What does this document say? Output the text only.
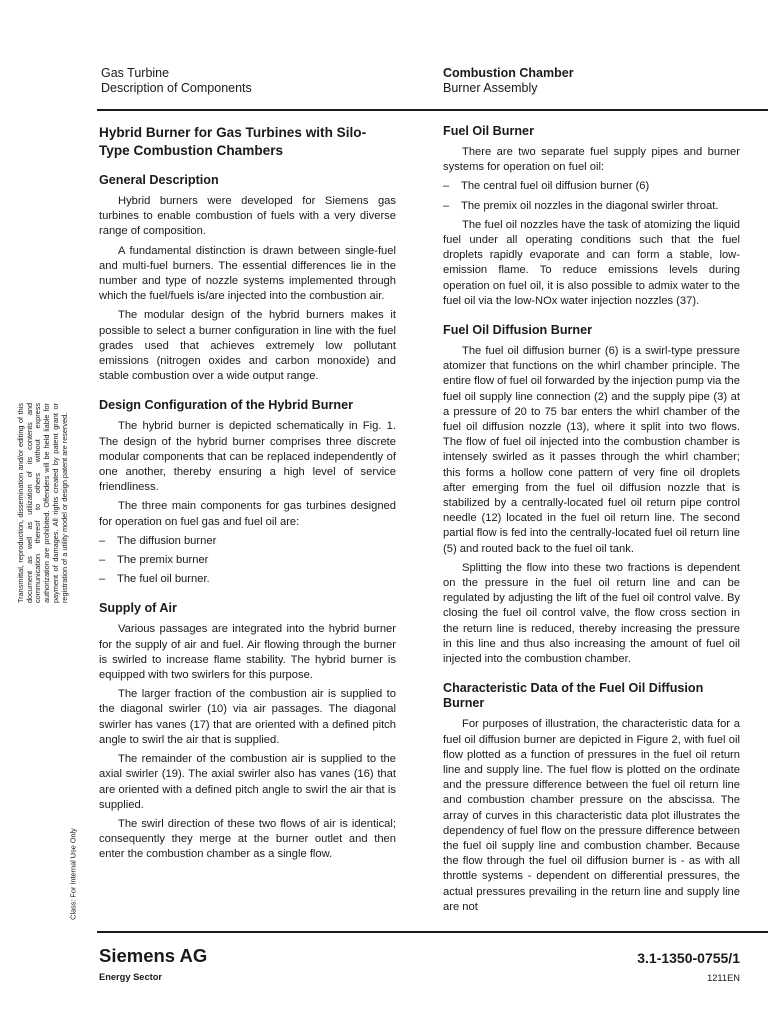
Gas Turbine
Description of Components
Combustion Chamber
Burner Assembly
Transmittal, reproduction, dissemination and/or editing of this document as well as utilization of its contents and communication thereof to others without express authorization are prohibited. Offenders will be held liable for payment of damages. All rights created by patent grant or registration of a utility model or design patent are reserved.
Class: For Internal Use Only
Hybrid Burner for Gas Turbines with Silo-Type Combustion Chambers
General Description

Hybrid burners were developed for Siemens gas turbines to enable combustion of fuels with a very diverse range of composition.

A fundamental distinction is drawn between single-fuel and multi-fuel burners. The essential differences lie in the number and type of nozzle systems implemented through which the fuel/fuels is/are injected into the combustion air.

The modular design of the hybrid burners makes it possible to select a burner configuration in line with the fuel grades used that achieves extremely low pollutant emissions (nitrogen oxides and carbon monoxide) and stable combustion over a wide output range.

Design Configuration of the Hybrid Burner

The hybrid burner is depicted schematically in Fig. 1. The design of the hybrid burner comprises three discrete modular components that can be replaced independently of one another, thereby ensuring a high level of service friendliness.

The three main components for gas turbines designed for operation on fuel gas and fuel oil are:

– The diffusion burner
– The premix burner
– The fuel oil burner.
Supply of Air

Various passages are integrated into the hybrid burner for the supply of air and fuel. Air flowing through the burner is swirled to increase flame stability. The hybrid burner is equipped with two swirlers for this purpose.

The larger fraction of the combustion air is supplied to the diagonal swirler (10) via air passages. The diagonal swirler has vanes (17) that are oriented with a defined pitch angle to swirl the air that is supplied.

The remainder of the combustion air is supplied to the axial swirler (19). The axial swirler also has vanes (16) that are oriented with a defined pitch angle to swirl the air that is supplied.

The swirl direction of these two flows of air is identical; consequently they merge at the burner outlet and then enter the combustion chamber as a single flow.

Fuel Oil Burner

There are two separate fuel supply pipes and burner systems for operation on fuel oil:

– The central fuel oil diffusion burner (6)
– The premix oil nozzles in the diagonal swirler throat.

The fuel oil nozzles have the task of atomizing the liquid fuel under all operating conditions such that the fuel droplets rapidly evaporate and can form a stable, low-emission flame. To reduce emissions levels during operation on fuel oil, it is also possible to admix water to the fuel oil via the low-NOx water injection nozzles (37).

Fuel Oil Diffusion Burner

The fuel oil diffusion burner (6) is a swirl-type pressure atomizer that functions on the whirl chamber principle. The entire flow of fuel oil forwarded by the injection pump via the fuel oil supply line connection (2) and the supply pipe (3) at a pressure of 20 to 75 bar enters the whirl chamber of the fuel oil diffusion nozzle (13), where it split into two flows. The flow of fuel oil injected into the combustion chamber is intensely swirled as it passes through the whirl chamber; this forms a hollow cone pattern of very fine oil droplets after emerging from the fuel oil diffusion nozzle that is stabilized by a centrally-located fuel oil return pipe control needle (12) located in the fuel oil return line. The second partial flow is fed into the centrally-located fuel oil return line (5) and routed back to the fuel oil tank.

Splitting the flow into these two fractions is dependent on the pressure in the fuel oil return line and can be regulated by adjusting the lift of the fuel oil control valve. By closing the fuel oil control valve, the flow cross section in the return line is reduced, thereby increasing the pressure in this line and thus also increasing the amount of fuel oil injected into the combustion chamber.

Characteristic Data of the Fuel Oil Diffusion Burner

For purposes of illustration, the characteristic data for a fuel oil diffusion burner are depicted in Figure 2, with fuel oil flow plotted as a function of pressures in the fuel oil return line and supply line. The fuel flow is plotted on the ordinate and the pressure difference between the fuel oil return line and combustion chamber pressure on the abscissa. The array of curves in this characteristic data plot illustrates the dependency of fuel flow on the pressure difference between the fuel oil supply line and combustion chamber. Because the flow through the fuel oil diffusion burner is - as with all throttle systems - dependent on differential pressures, the actual pressures prevailing in the return line and supply line are not

Siemens AG
Energy Sector
3.1-1350-0755/1
1211EN
